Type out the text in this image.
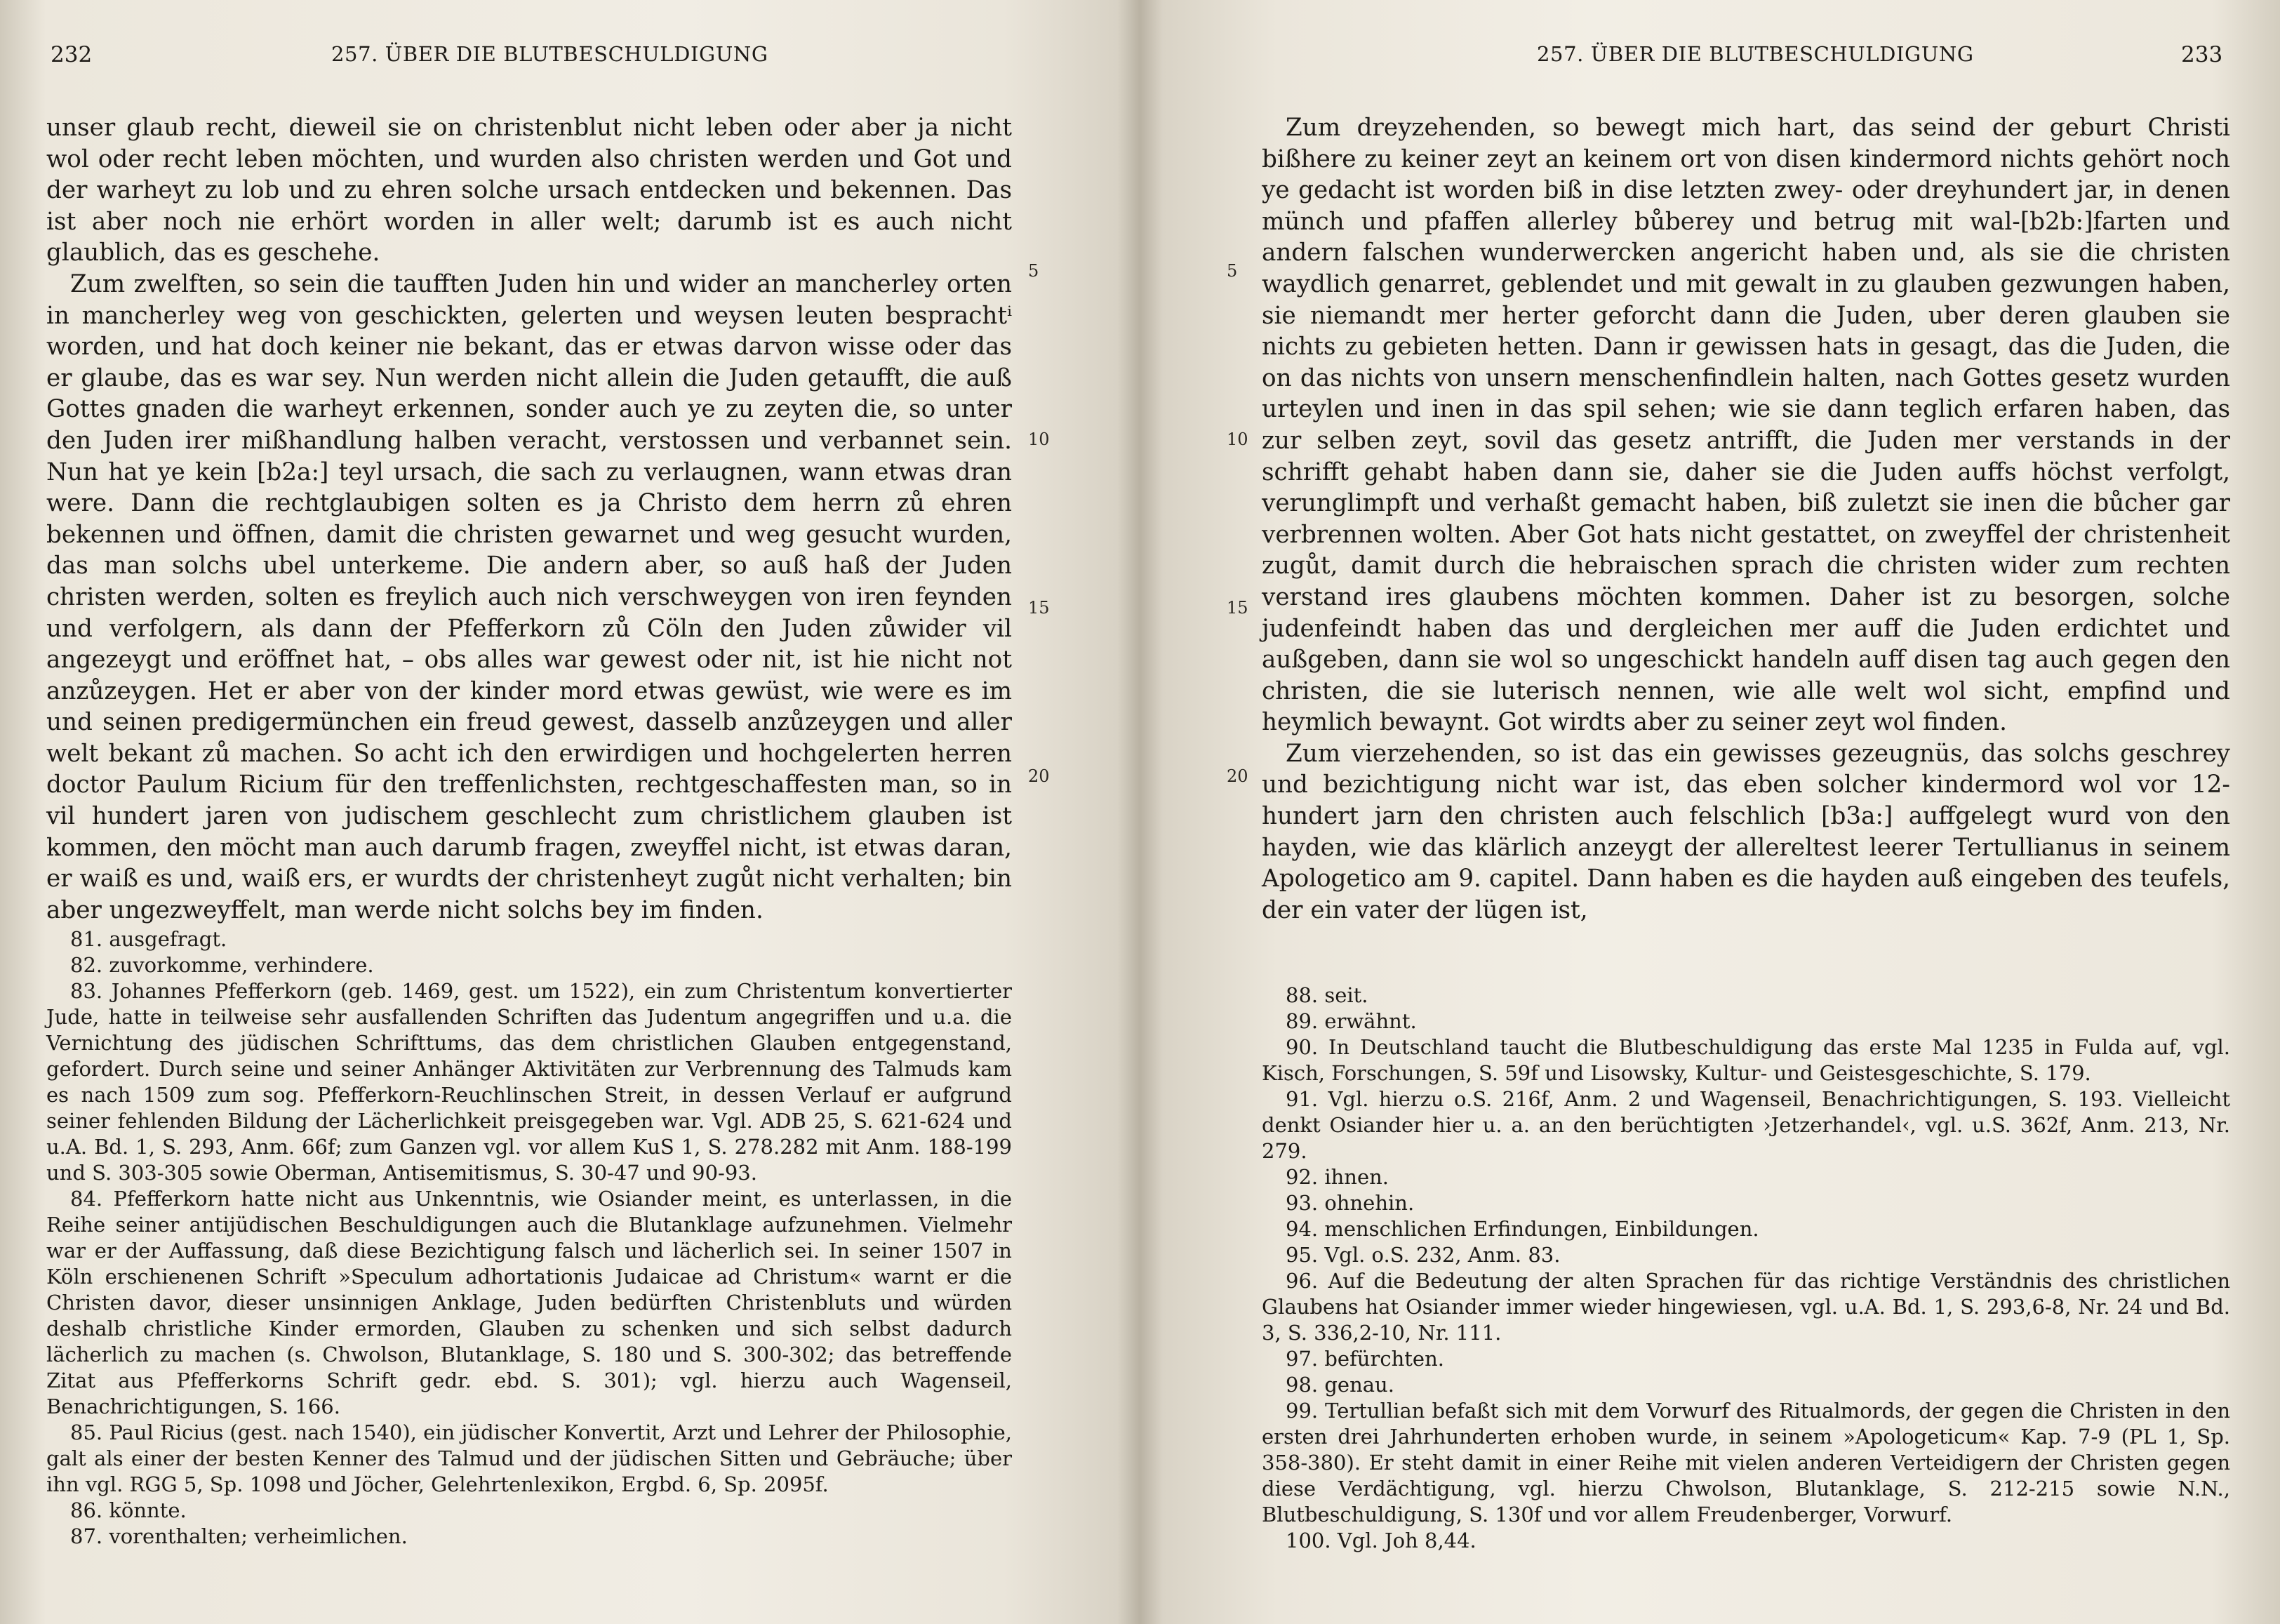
232	257. ÜBER DIE BLUTBESCHULDIGUNG

unser glaub recht, dieweil sie on christenblut nicht leben oder aber ja nicht wol oder recht leben möchten, und wurden also christen werden und Got und der warheyt zu lob und zu ehren solche ursach entdecken und bekennen. Das ist aber noch nie erhört worden in aller welt; darumb ist es auch nicht glaublich, das es geschehe.

Zum zwelften, so sein die taufften Juden hin und wider an mancherley orten in mancherley weg von geschickten, gelerten und weysen leuten besprachtⁱ worden, und hat doch keiner nie bekant, das er etwas darvon wisse oder das er glaube, das es war sey. Nun werden nicht allein die Juden getaufft, die auß Gottes gnaden die warheyt erkennen, sonder auch ye zu zeyten die, so unter den Juden irer mißhandlung halben veracht, verstossen und verbannet sein. Nun hat ye kein [b2a:] teyl ursach, die sach zu verlaugnen, wann etwas dran were. Dann die rechtglaubigen solten es ja Christo dem herrn zů ehren bekennen und öffnen, damit die christen gewarnet und weg gesucht wurden, das man solchs ubel unterkeme. Die andern aber, so auß haß der Juden christen werden, solten es freylich auch nich verschweygen von iren feynden und verfolgern, als dann der Pfefferkorn zů Cöln den Juden zůwider vil angezeygt und eröffnet hat, – obs alles war gewest oder nit, ist hie nicht not anzůzeygen. Het er aber von der kinder mord etwas gewüst, wie were es im und seinen predigermünchen ein freud gewest, dasselb anzůzeygen und aller welt bekant zů machen. So acht ich den erwirdigen und hochgelerten herren doctor Paulum Ricium für den treffenlichsten, rechtgeschaffesten man, so in vil hundert jaren von judischem geschlecht zum christlichem glauben ist kommen, den möcht man auch darumb fragen, zweyffel nicht, ist etwas daran, er waiß es und, waiß ers, er wurdts der christenheyt zugůt nicht verhalten; bin aber ungezweyffelt, man werde nicht solchs bey im finden.

5
10
15
20

81. ausgefragt.

82. zuvorkomme, verhindere.

83. Johannes Pfefferkorn (geb. 1469, gest. um 1522), ein zum Christentum konvertierter Jude, hatte in teilweise sehr ausfallenden Schriften das Judentum angegriffen und u.a. die Vernichtung des jüdischen Schrifttums, das dem christlichen Glauben entgegenstand, gefordert. Durch seine und seiner Anhänger Aktivitäten zur Verbrennung des Talmuds kam es nach 1509 zum sog. Pfefferkorn-Reuchlinschen Streit, in dessen Verlauf er aufgrund seiner fehlenden Bildung der Lächerlichkeit preisgegeben war. Vgl. ADB 25, S. 621-624 und u.A. Bd. 1, S. 293, Anm. 66f; zum Ganzen vgl. vor allem KuS 1, S. 278.282 mit Anm. 188-199 und S. 303-305 sowie Oberman, Antisemitismus, S. 30-47 und 90-93.

84. Pfefferkorn hatte nicht aus Unkenntnis, wie Osiander meint, es unterlassen, in die Reihe seiner antijüdischen Beschuldigungen auch die Blutanklage aufzunehmen. Vielmehr war er der Auffassung, daß diese Bezichtigung falsch und lächerlich sei. In seiner 1507 in Köln erschienenen Schrift »Speculum adhortationis Judaicae ad Christum« warnt er die Christen davor, dieser unsinnigen Anklage, Juden bedürften Christenbluts und würden deshalb christliche Kinder ermorden, Glauben zu schenken und sich selbst dadurch lächerlich zu machen (s. Chwolson, Blutanklage, S. 180 und S. 300-302; das betreffende Zitat aus Pfefferkorns Schrift gedr. ebd. S. 301); vgl. hierzu auch Wagenseil, Benachrichtigungen, S. 166.

85. Paul Ricius (gest. nach 1540), ein jüdischer Konvertit, Arzt und Lehrer der Philosophie, galt als einer der besten Kenner des Talmud und der jüdischen Sitten und Gebräuche; über ihn vgl. RGG 5, Sp. 1098 und Jöcher, Gelehrtenlexikon, Ergbd. 6, Sp. 2095f.

86. könnte.

87. vorenthalten; verheimlichen.

257. ÜBER DIE BLUTBESCHULDIGUNG	233
5
10
15
20

Zum dreyzehenden, so bewegt mich hart, das seind der geburt Christi bißhere zu keiner zeyt an keinem ort von disen kindermord nichts gehört noch ye gedacht ist worden biß in dise letzten zwey- oder dreyhundert jar, in denen münch und pfaffen allerley bůberey und betrug mit wal-[b2b:]farten und andern falschen wunderwercken angericht haben und, als sie die christen waydlich genarret, geblendet und mit gewalt in zu glauben gezwungen haben, sie niemandt mer herter geforcht dann die Juden, uber deren glauben sie nichts zu gebieten hetten. Dann ir gewissen hats in gesagt, das die Juden, die on das nichts von unsern menschenfindlein halten, nach Gottes gesetz wurden urteylen und inen in das spil sehen; wie sie dann teglich erfaren haben, das zur selben zeyt, sovil das gesetz antrifft, die Juden mer verstands in der schrifft gehabt haben dann sie, daher sie die Juden auffs höchst verfolgt, verunglimpft und verhaßt gemacht haben, biß zuletzt sie inen die bůcher gar verbrennen wolten. Aber Got hats nicht gestattet, on zweyffel der christenheit zugůt, damit durch die hebraischen sprach die christen wider zum rechten verstand ires glaubens möchten kommen. Daher ist zu besorgen, solche judenfeindt haben das und dergleichen mer auff die Juden erdichtet und außgeben, dann sie wol so ungeschickt handeln auff disen tag auch gegen den christen, die sie luterisch nennen, wie alle welt wol sicht, empfind und heymlich bewaynt. Got wirdts aber zu seiner zeyt wol finden.

Zum vierzehenden, so ist das ein gewisses gezeugnüs, das solchs geschrey und bezichtigung nicht war ist, das eben solcher kindermord wol vor 12-hundert jarn den christen auch felschlich [b3a:] auffgelegt wurd von den hayden, wie das klärlich anzeygt der allereltest leerer Tertullianus in seinem Apologetico am 9. capitel. Dann haben es die hayden auß eingeben des teufels, der ein vater der lügen ist,

88. seit.

89. erwähnt.

90. In Deutschland taucht die Blutbeschuldigung das erste Mal 1235 in Fulda auf, vgl. Kisch, Forschungen, S. 59f und Lisowsky, Kultur- und Geistesgeschichte, S. 179.

91. Vgl. hierzu o.S. 216f, Anm. 2 und Wagenseil, Benachrichtigungen, S. 193. Vielleicht denkt Osiander hier u. a. an den berüchtigten ›Jetzerhandel‹, vgl. u.S. 362f, Anm. 213, Nr. 279.

92. ihnen.

93. ohnehin.

94. menschlichen Erfindungen, Einbildungen.

95. Vgl. o.S. 232, Anm. 83.

96. Auf die Bedeutung der alten Sprachen für das richtige Verständnis des christlichen Glaubens hat Osiander immer wieder hingewiesen, vgl. u.A. Bd. 1, S. 293,6-8, Nr. 24 und Bd. 3, S. 336,2-10, Nr. 111.

97. befürchten.

98. genau.

99. Tertullian befaßt sich mit dem Vorwurf des Ritualmords, der gegen die Christen in den ersten drei Jahrhunderten erhoben wurde, in seinem »Apologeticum« Kap. 7-9 (PL 1, Sp. 358-380). Er steht damit in einer Reihe mit vielen anderen Verteidigern der Christen gegen diese Verdächtigung, vgl. hierzu Chwolson, Blutanklage, S. 212-215 sowie N.N., Blutbeschuldigung, S. 130f und vor allem Freudenberger, Vorwurf.

100. Vgl. Joh 8,44.
